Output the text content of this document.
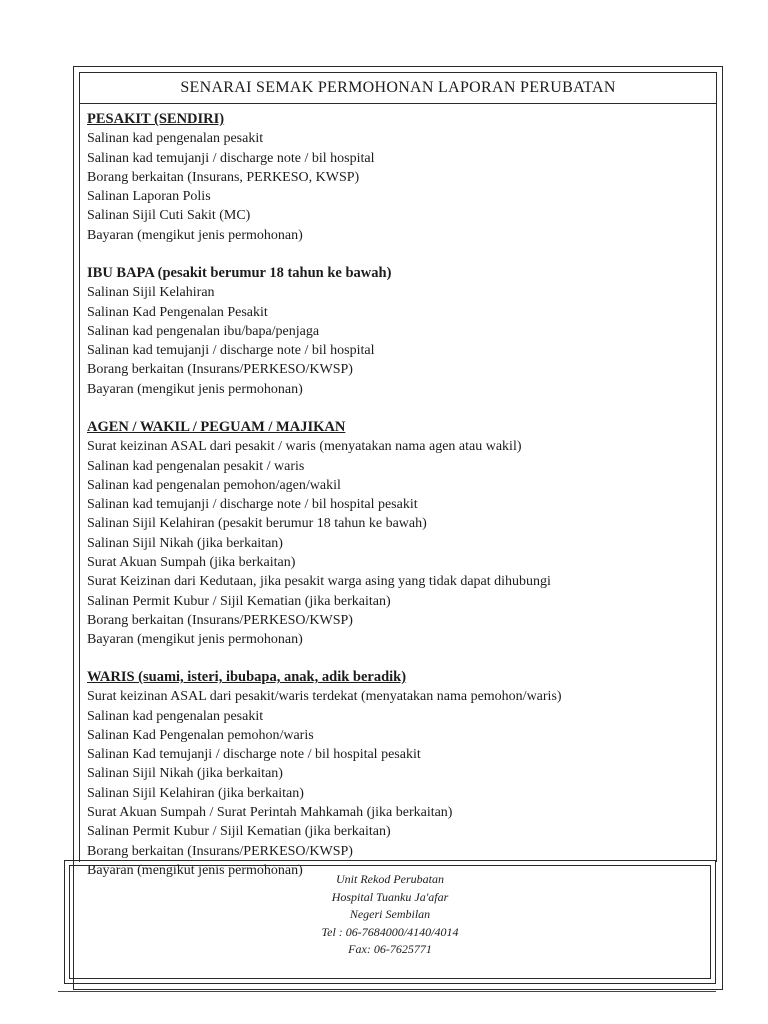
SENARAI SEMAK PERMOHONAN LAPORAN PERUBATAN
PESAKIT (SENDIRI)
Salinan kad pengenalan pesakit
Salinan kad temujanji / discharge note / bil hospital
Borang berkaitan (Insurans, PERKESO, KWSP)
Salinan Laporan Polis
Salinan Sijil Cuti Sakit (MC)
Bayaran (mengikut jenis permohonan)
IBU BAPA (pesakit berumur 18 tahun ke bawah)
Salinan Sijil Kelahiran
Salinan Kad Pengenalan Pesakit
Salinan kad pengenalan ibu/bapa/penjaga
Salinan kad temujanji / discharge note / bil hospital
Borang berkaitan (Insurans/PERKESO/KWSP)
Bayaran (mengikut jenis permohonan)
AGEN / WAKIL / PEGUAM / MAJIKAN
Surat keizinan ASAL dari pesakit / waris (menyatakan nama agen atau wakil)
Salinan kad pengenalan pesakit / waris
Salinan kad pengenalan pemohon/agen/wakil
Salinan kad temujanji / discharge note / bil hospital pesakit
Salinan Sijil Kelahiran (pesakit berumur 18 tahun ke bawah)
Salinan Sijil Nikah (jika berkaitan)
Surat Akuan Sumpah (jika berkaitan)
Surat Keizinan dari Kedutaan, jika pesakit warga asing yang tidak dapat dihubungi
Salinan Permit Kubur / Sijil Kematian (jika berkaitan)
Borang berkaitan (Insurans/PERKESO/KWSP)
Bayaran (mengikut jenis permohonan)
WARIS (suami, isteri, ibubapa, anak, adik beradik)
Surat keizinan ASAL dari pesakit/waris terdekat (menyatakan nama pemohon/waris)
Salinan kad pengenalan pesakit
Salinan Kad Pengenalan pemohon/waris
Salinan Kad temujanji / discharge note / bil hospital pesakit
Salinan Sijil Nikah (jika berkaitan)
Salinan Sijil Kelahiran (jika berkaitan)
Surat Akuan Sumpah / Surat Perintah Mahkamah (jika berkaitan)
Salinan Permit Kubur / Sijil Kematian (jika berkaitan)
Borang berkaitan (Insurans/PERKESO/KWSP)
Bayaran (mengikut jenis permohonan)
Unit Rekod Perubatan
Hospital Tuanku Ja'afar
Negeri Sembilan
Tel : 06-7684000/4140/4014
Fax: 06-7625771
